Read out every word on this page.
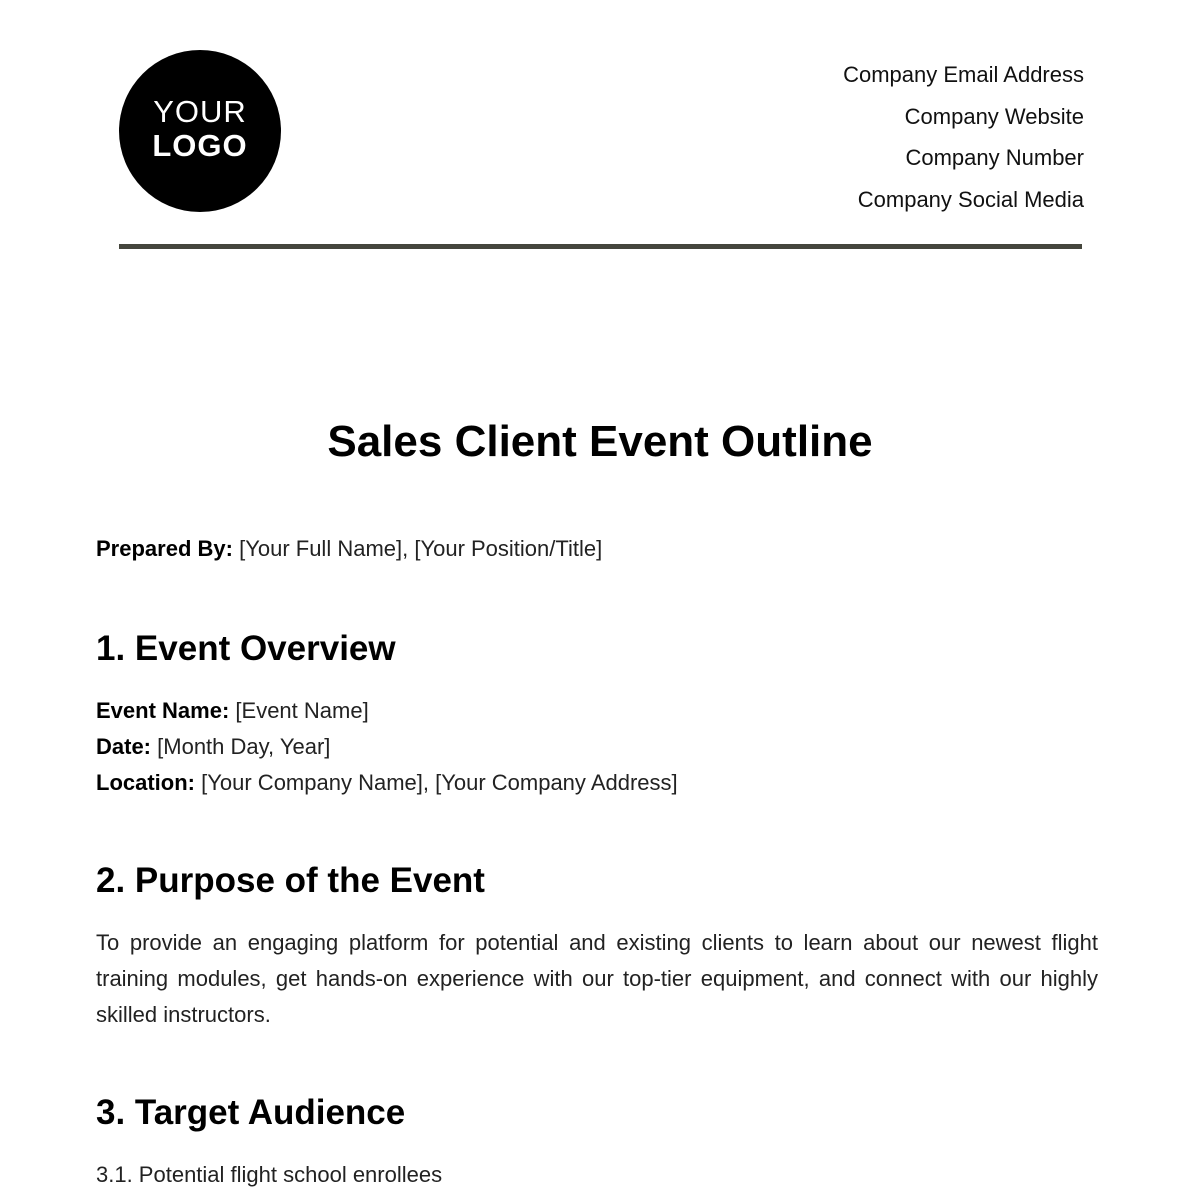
YOUR
LOGO
Company Email Address
Company Website
Company Number
Company Social Media
Sales Client Event Outline
Prepared By: [Your Full Name], [Your Position/Title]
1. Event Overview
Event Name: [Event Name]
Date: [Month Day, Year]
Location: [Your Company Name], [Your Company Address]
2. Purpose of the Event
To provide an engaging platform for potential and existing clients to learn about our newest flight training modules, get hands-on experience with our top-tier equipment, and connect with our highly skilled instructors.
3. Target Audience
3.1. Potential flight school enrollees
